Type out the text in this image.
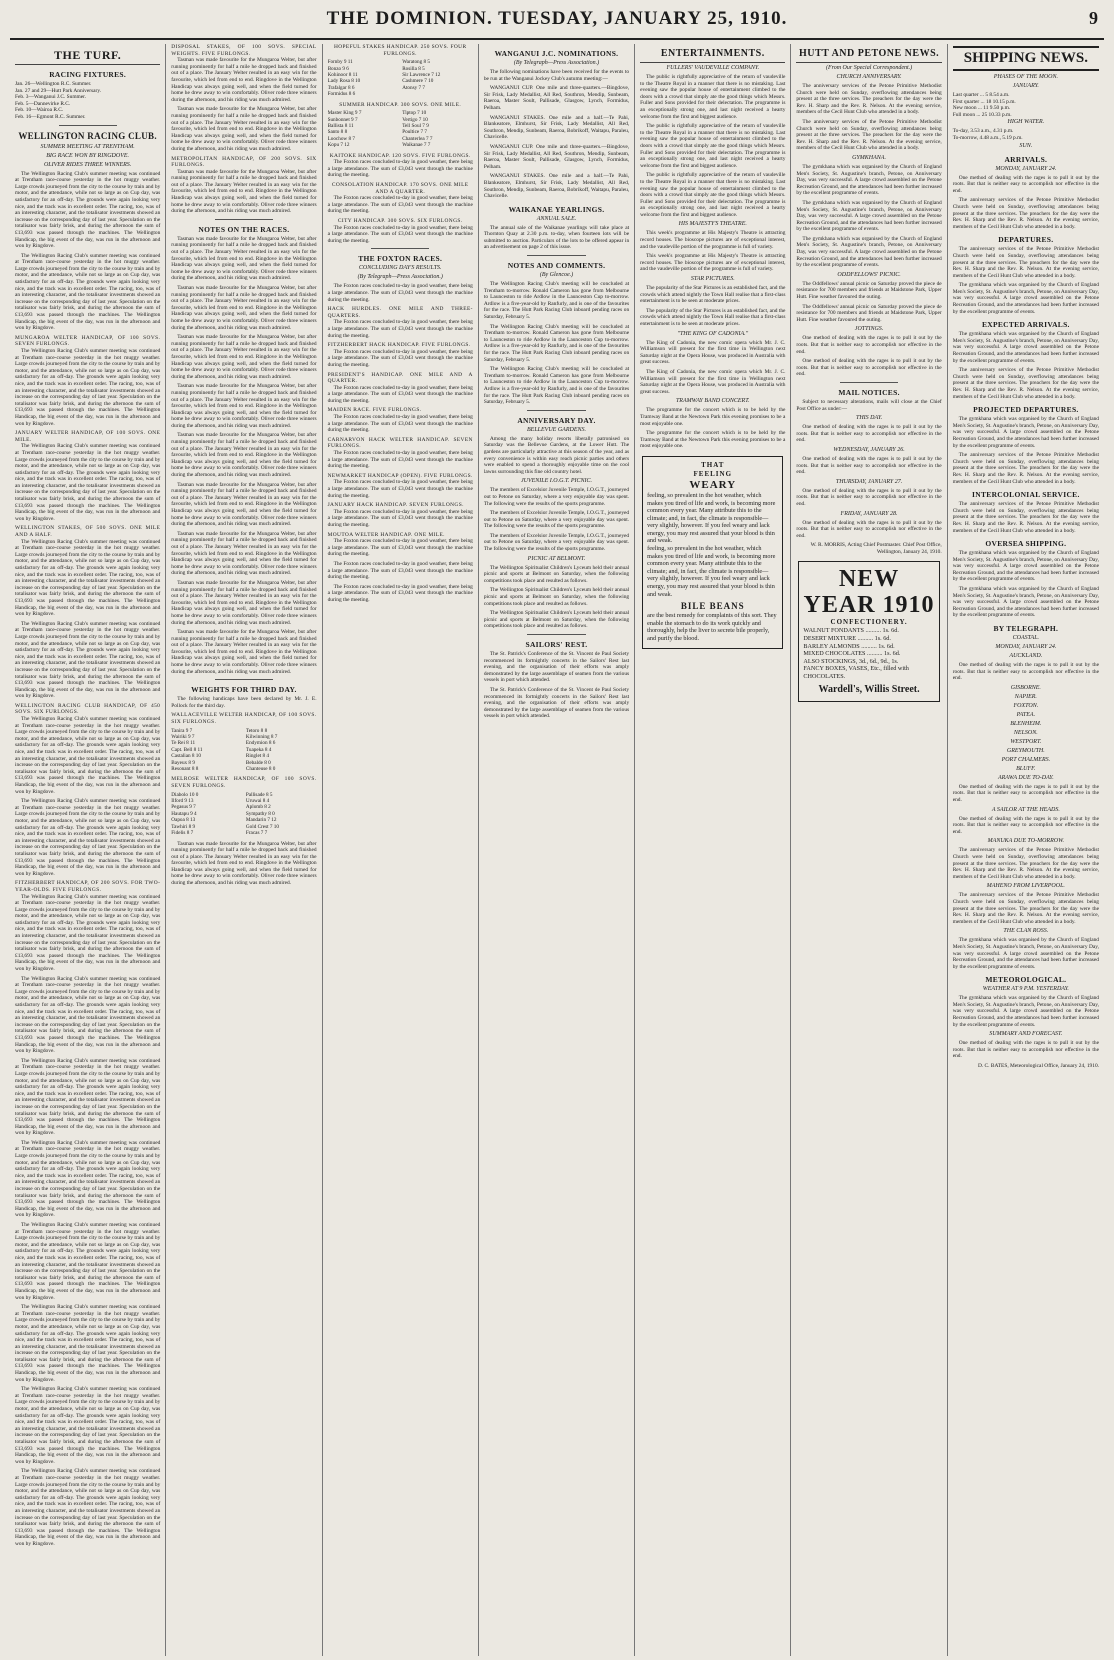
THE DOMINION. TUESDAY, JANUARY 25, 1910.	9
THE TURF.
RACING FIXTURES.
Jan. 26—Wellington R.C. Summer.
Jan. 27 and 29—Hutt Park Anniversary.
Feb. 3—Wanganui J.C. Summer.
Feb. 5—Dannevirke R.C.
Feb. 10—Wairoa R.C.
Feb. 16—Egmont R.C. Summer.
WELLINGTON RACING CLUB.
SUMMER MEETING AT TRENTHAM.
BIG RACE WON BY RINGDOVE.
OLIVER RIDES THREE WINNERS.

The Wellington Racing Club's summer meeting was continued at Trentham race-course yesterday in the hot muggy weather. Large crowds journeyed from the city to the course by train and by motor, and the attendance, while not so large as on Cup day, was satisfactory for an off-day. The grounds were again looking very nice, and the track was in excellent order. The racing, too, was of an interesting character, and the totalisator investments showed an increase on the corresponding day of last year. Speculation on the totalisator was fairly brisk, and during the afternoon the sum of £13,693 was passed through the machines. The Wellington Handicap, the big event of the day, was run in the afternoon and won by Ringdove.

The Wellington Racing Club's summer meeting was continued at Trentham race-course yesterday in the hot muggy weather. Large crowds journeyed from the city to the course by train and by motor, and the attendance, while not so large as on Cup day, was satisfactory for an off-day. The grounds were again looking very nice, and the track was in excellent order. The racing, too, was of an interesting character, and the totalisator investments showed an increase on the corresponding day of last year. Speculation on the totalisator was fairly brisk, and during the afternoon the sum of £13,693 was passed through the machines. The Wellington Handicap, the big event of the day, was run in the afternoon and won by Ringdove.

MUNGAROA WELTER HANDICAP, OF 100 SOVS. SEVEN FURLONGS.

The Wellington Racing Club's summer meeting was continued at Trentham race-course yesterday in the hot muggy weather. Large crowds journeyed from the city to the course by train and by motor, and the attendance, while not so large as on Cup day, was satisfactory for an off-day. The grounds were again looking very nice, and the track was in excellent order. The racing, too, was of an interesting character, and the totalisator investments showed an increase on the corresponding day of last year. Speculation on the totalisator was fairly brisk, and during the afternoon the sum of £13,693 was passed through the machines. The Wellington Handicap, the big event of the day, was run in the afternoon and won by Ringdove.

JANUARY WELTER HANDICAP, OF 100 SOVS. ONE MILE.

The Wellington Racing Club's summer meeting was continued at Trentham race-course yesterday in the hot muggy weather. Large crowds journeyed from the city to the course by train and by motor, and the attendance, while not so large as on Cup day, was satisfactory for an off-day. The grounds were again looking very nice, and the track was in excellent order. The racing, too, was of an interesting character, and the totalisator investments showed an increase on the corresponding day of last year. Speculation on the totalisator was fairly brisk, and during the afternoon the sum of £13,693 was passed through the machines. The Wellington Handicap, the big event of the day, was run in the afternoon and won by Ringdove.

WELLINGTON STAKES, OF 500 SOVS. ONE MILE AND A HALF.

The Wellington Racing Club's summer meeting was continued at Trentham race-course yesterday in the hot muggy weather. Large crowds journeyed from the city to the course by train and by motor, and the attendance, while not so large as on Cup day, was satisfactory for an off-day. The grounds were again looking very nice, and the track was in excellent order. The racing, too, was of an interesting character, and the totalisator investments showed an increase on the corresponding day of last year. Speculation on the totalisator was fairly brisk, and during the afternoon the sum of £13,693 was passed through the machines. The Wellington Handicap, the big event of the day, was run in the afternoon and won by Ringdove.

The Wellington Racing Club's summer meeting was continued at Trentham race-course yesterday in the hot muggy weather. Large crowds journeyed from the city to the course by train and by motor, and the attendance, while not so large as on Cup day, was satisfactory for an off-day. The grounds were again looking very nice, and the track was in excellent order. The racing, too, was of an interesting character, and the totalisator investments showed an increase on the corresponding day of last year. Speculation on the totalisator was fairly brisk, and during the afternoon the sum of £13,693 was passed through the machines. The Wellington Handicap, the big event of the day, was run in the afternoon and won by Ringdove.

WELLINGTON RACING CLUB HANDICAP, OF 450 SOVS. SIX FURLONGS.

The Wellington Racing Club's summer meeting was continued at Trentham race-course yesterday in the hot muggy weather. Large crowds journeyed from the city to the course by train and by motor, and the attendance, while not so large as on Cup day, was satisfactory for an off-day. The grounds were again looking very nice, and the track was in excellent order. The racing, too, was of an interesting character, and the totalisator investments showed an increase on the corresponding day of last year. Speculation on the totalisator was fairly brisk, and during the afternoon the sum of £13,693 was passed through the machines. The Wellington Handicap, the big event of the day, was run in the afternoon and won by Ringdove.

The Wellington Racing Club's summer meeting was continued at Trentham race-course yesterday in the hot muggy weather. Large crowds journeyed from the city to the course by train and by motor, and the attendance, while not so large as on Cup day, was satisfactory for an off-day. The grounds were again looking very nice, and the track was in excellent order. The racing, too, was of an interesting character, and the totalisator investments showed an increase on the corresponding day of last year. Speculation on the totalisator was fairly brisk, and during the afternoon the sum of £13,693 was passed through the machines. The Wellington Handicap, the big event of the day, was run in the afternoon and won by Ringdove.

FITZHERBERT HANDICAP, OF 200 SOVS. FOR TWO-YEAR-OLDS. FIVE FURLONGS.

The Wellington Racing Club's summer meeting was continued at Trentham race-course yesterday in the hot muggy weather. Large crowds journeyed from the city to the course by train and by motor, and the attendance, while not so large as on Cup day, was satisfactory for an off-day. The grounds were again looking very nice, and the track was in excellent order. The racing, too, was of an interesting character, and the totalisator investments showed an increase on the corresponding day of last year. Speculation on the totalisator was fairly brisk, and during the afternoon the sum of £13,693 was passed through the machines. The Wellington Handicap, the big event of the day, was run in the afternoon and won by Ringdove.

The Wellington Racing Club's summer meeting was continued at Trentham race-course yesterday in the hot muggy weather. Large crowds journeyed from the city to the course by train and by motor, and the attendance, while not so large as on Cup day, was satisfactory for an off-day. The grounds were again looking very nice, and the track was in excellent order. The racing, too, was of an interesting character, and the totalisator investments showed an increase on the corresponding day of last year. Speculation on the totalisator was fairly brisk, and during the afternoon the sum of £13,693 was passed through the machines. The Wellington Handicap, the big event of the day, was run in the afternoon and won by Ringdove.

The Wellington Racing Club's summer meeting was continued at Trentham race-course yesterday in the hot muggy weather. Large crowds journeyed from the city to the course by train and by motor, and the attendance, while not so large as on Cup day, was satisfactory for an off-day. The grounds were again looking very nice, and the track was in excellent order. The racing, too, was of an interesting character, and the totalisator investments showed an increase on the corresponding day of last year. Speculation on the totalisator was fairly brisk, and during the afternoon the sum of £13,693 was passed through the machines. The Wellington Handicap, the big event of the day, was run in the afternoon and won by Ringdove.

The Wellington Racing Club's summer meeting was continued at Trentham race-course yesterday in the hot muggy weather. Large crowds journeyed from the city to the course by train and by motor, and the attendance, while not so large as on Cup day, was satisfactory for an off-day. The grounds were again looking very nice, and the track was in excellent order. The racing, too, was of an interesting character, and the totalisator investments showed an increase on the corresponding day of last year. Speculation on the totalisator was fairly brisk, and during the afternoon the sum of £13,693 was passed through the machines. The Wellington Handicap, the big event of the day, was run in the afternoon and won by Ringdove.

The Wellington Racing Club's summer meeting was continued at Trentham race-course yesterday in the hot muggy weather. Large crowds journeyed from the city to the course by train and by motor, and the attendance, while not so large as on Cup day, was satisfactory for an off-day. The grounds were again looking very nice, and the track was in excellent order. The racing, too, was of an interesting character, and the totalisator investments showed an increase on the corresponding day of last year. Speculation on the totalisator was fairly brisk, and during the afternoon the sum of £13,693 was passed through the machines. The Wellington Handicap, the big event of the day, was run in the afternoon and won by Ringdove.

The Wellington Racing Club's summer meeting was continued at Trentham race-course yesterday in the hot muggy weather. Large crowds journeyed from the city to the course by train and by motor, and the attendance, while not so large as on Cup day, was satisfactory for an off-day. The grounds were again looking very nice, and the track was in excellent order. The racing, too, was of an interesting character, and the totalisator investments showed an increase on the corresponding day of last year. Speculation on the totalisator was fairly brisk, and during the afternoon the sum of £13,693 was passed through the machines. The Wellington Handicap, the big event of the day, was run in the afternoon and won by Ringdove.

The Wellington Racing Club's summer meeting was continued at Trentham race-course yesterday in the hot muggy weather. Large crowds journeyed from the city to the course by train and by motor, and the attendance, while not so large as on Cup day, was satisfactory for an off-day. The grounds were again looking very nice, and the track was in excellent order. The racing, too, was of an interesting character, and the totalisator investments showed an increase on the corresponding day of last year. Speculation on the totalisator was fairly brisk, and during the afternoon the sum of £13,693 was passed through the machines. The Wellington Handicap, the big event of the day, was run in the afternoon and won by Ringdove.

The Wellington Racing Club's summer meeting was continued at Trentham race-course yesterday in the hot muggy weather. Large crowds journeyed from the city to the course by train and by motor, and the attendance, while not so large as on Cup day, was satisfactory for an off-day. The grounds were again looking very nice, and the track was in excellent order. The racing, too, was of an interesting character, and the totalisator investments showed an increase on the corresponding day of last year. Speculation on the totalisator was fairly brisk, and during the afternoon the sum of £13,693 was passed through the machines. The Wellington Handicap, the big event of the day, was run in the afternoon and won by Ringdove.

DISPOSAL STAKES, OF 100 SOVS. SPECIAL WEIGHTS. FIVE FURLONGS.

Tasman was made favourite for the Mungaroa Welter, but after running prominently for half a mile he dropped back and finished out of a place. The January Welter resulted in an easy win for the favourite, which led from end to end. Ringdove in the Wellington Handicap was always going well, and when the field turned for home he drew away to win comfortably. Oliver rode three winners during the afternoon, and his riding was much admired.

Tasman was made favourite for the Mungaroa Welter, but after running prominently for half a mile he dropped back and finished out of a place. The January Welter resulted in an easy win for the favourite, which led from end to end. Ringdove in the Wellington Handicap was always going well, and when the field turned for home he drew away to win comfortably. Oliver rode three winners during the afternoon, and his riding was much admired.

METROPOLITAN HANDICAP, OF 200 SOVS. SIX FURLONGS.

Tasman was made favourite for the Mungaroa Welter, but after running prominently for half a mile he dropped back and finished out of a place. The January Welter resulted in an easy win for the favourite, which led from end to end. Ringdove in the Wellington Handicap was always going well, and when the field turned for home he drew away to win comfortably. Oliver rode three winners during the afternoon, and his riding was much admired.

NOTES ON THE RACES.

Tasman was made favourite for the Mungaroa Welter, but after running prominently for half a mile he dropped back and finished out of a place. The January Welter resulted in an easy win for the favourite, which led from end to end. Ringdove in the Wellington Handicap was always going well, and when the field turned for home he drew away to win comfortably. Oliver rode three winners during the afternoon, and his riding was much admired.

Tasman was made favourite for the Mungaroa Welter, but after running prominently for half a mile he dropped back and finished out of a place. The January Welter resulted in an easy win for the favourite, which led from end to end. Ringdove in the Wellington Handicap was always going well, and when the field turned for home he drew away to win comfortably. Oliver rode three winners during the afternoon, and his riding was much admired.

Tasman was made favourite for the Mungaroa Welter, but after running prominently for half a mile he dropped back and finished out of a place. The January Welter resulted in an easy win for the favourite, which led from end to end. Ringdove in the Wellington Handicap was always going well, and when the field turned for home he drew away to win comfortably. Oliver rode three winners during the afternoon, and his riding was much admired.

Tasman was made favourite for the Mungaroa Welter, but after running prominently for half a mile he dropped back and finished out of a place. The January Welter resulted in an easy win for the favourite, which led from end to end. Ringdove in the Wellington Handicap was always going well, and when the field turned for home he drew away to win comfortably. Oliver rode three winners during the afternoon, and his riding was much admired.

Tasman was made favourite for the Mungaroa Welter, but after running prominently for half a mile he dropped back and finished out of a place. The January Welter resulted in an easy win for the favourite, which led from end to end. Ringdove in the Wellington Handicap was always going well, and when the field turned for home he drew away to win comfortably. Oliver rode three winners during the afternoon, and his riding was much admired.

Tasman was made favourite for the Mungaroa Welter, but after running prominently for half a mile he dropped back and finished out of a place. The January Welter resulted in an easy win for the favourite, which led from end to end. Ringdove in the Wellington Handicap was always going well, and when the field turned for home he drew away to win comfortably. Oliver rode three winners during the afternoon, and his riding was much admired.

Tasman was made favourite for the Mungaroa Welter, but after running prominently for half a mile he dropped back and finished out of a place. The January Welter resulted in an easy win for the favourite, which led from end to end. Ringdove in the Wellington Handicap was always going well, and when the field turned for home he drew away to win comfortably. Oliver rode three winners during the afternoon, and his riding was much admired.

Tasman was made favourite for the Mungaroa Welter, but after running prominently for half a mile he dropped back and finished out of a place. The January Welter resulted in an easy win for the favourite, which led from end to end. Ringdove in the Wellington Handicap was always going well, and when the field turned for home he drew away to win comfortably. Oliver rode three winners during the afternoon, and his riding was much admired.

Tasman was made favourite for the Mungaroa Welter, but after running prominently for half a mile he dropped back and finished out of a place. The January Welter resulted in an easy win for the favourite, which led from end to end. Ringdove in the Wellington Handicap was always going well, and when the field turned for home he drew away to win comfortably. Oliver rode three winners during the afternoon, and his riding was much admired.

WEIGHTS FOR THIRD DAY.

The following handicaps have been declared by Mr. J. E. Pollock for the third day.

WALLACEVILLE WELTER HANDICAP, OF 100 SOVS. SIX FURLONGS.
Tanira 9 7	Tetoro 8 8
Wairiki 9 7	Kilwinning 8 7
Te Rei 8 11	Endymion 8 6
Capt. Bell 8 11	Tuapeka 8 4
Castalian 8 10	Ringlet 8 4
Bayeux 8 9	Bebalde 8 0
Resonant 8 8	Chanteuse 8 0
MELROSE WELTER HANDICAP, OF 100 SOVS. SEVEN FURLONGS.
Diabolo 10 0	Pallisade 8 5
Ilford 9 13	Uruwai 8 4
Pegasus 9 7	Aplomb 8 2
Hautapu 9 4	Sympathy 8 0
Oapoa 8 13	Mandarin 7 12
Tawhiri 8 9	Gold Crest 7 10
Fidelis 8 7	Fracas 7 7

Tasman was made favourite for the Mungaroa Welter, but after running prominently for half a mile he dropped back and finished out of a place. The January Welter resulted in an easy win for the favourite, which led from end to end. Ringdove in the Wellington Handicap was always going well, and when the field turned for home he drew away to win comfortably. Oliver rode three winners during the afternoon, and his riding was much admired.

HOPEFUL STAKES HANDICAP. 250 SOVS. FOUR FURLONGS.
Fornby 9 11	Waratong 8 5
Bonzo 9 6	Rosilla 8 5
Kohinoor 8 11	Sir Lawrence 7 12
Lady Rosa 8 10	Cashmere 7 10
Trafalgar 8 6	Atonsy 7 7
Formidus 8 6
SUMMER HANDICAP. 300 SOVS. ONE MILE.
Master King 9 7	Tiptop 7 10
Sunbonnet 9 7	Vertigo 7 10
Ballista 8 11	Tell Soul 7 9
Santo 8 8	Poultice 7 7
Loochow 8 7	Chanterlea 7 7
Kopu 7 12	Waikanae 7 7
KAITOKE HANDICAP. 120 SOVS. FIVE FURLONGS.

The Foxton races concluded to-day in good weather, there being a large attendance. The sum of £3,043 went through the machine during the meeting.

CONSOLATION HANDICAP. 170 SOVS. ONE MILE AND A QUARTER.

The Foxton races concluded to-day in good weather, there being a large attendance. The sum of £3,043 went through the machine during the meeting.

CITY HANDICAP. 300 SOVS. SIX FURLONGS.

The Foxton races concluded to-day in good weather, there being a large attendance. The sum of £3,043 went through the machine during the meeting.

THE FOXTON RACES.
CONCLUDING DAY'S RESULTS.
(By Telegraph—Press Association.)

The Foxton races concluded to-day in good weather, there being a large attendance. The sum of £3,043 went through the machine during the meeting.

HACK HURDLES. ONE MILE AND THREE-QUARTERS.

The Foxton races concluded to-day in good weather, there being a large attendance. The sum of £3,043 went through the machine during the meeting.

FITZHERBERT HACK HANDICAP. FIVE FURLONGS.

The Foxton races concluded to-day in good weather, there being a large attendance. The sum of £3,043 went through the machine during the meeting.

PRESIDENT'S HANDICAP. ONE MILE AND A QUARTER.

The Foxton races concluded to-day in good weather, there being a large attendance. The sum of £3,043 went through the machine during the meeting.

MAIDEN RACE. FIVE FURLONGS.

The Foxton races concluded to-day in good weather, there being a large attendance. The sum of £3,043 went through the machine during the meeting.

CARNARVON HACK WELTER HANDICAP. SEVEN FURLONGS.

The Foxton races concluded to-day in good weather, there being a large attendance. The sum of £3,043 went through the machine during the meeting.

NEWMARKET HANDICAP (OPEN). FIVE FURLONGS.

The Foxton races concluded to-day in good weather, there being a large attendance. The sum of £3,043 went through the machine during the meeting.

JANUARY HACK HANDICAP. SEVEN FURLONGS.

The Foxton races concluded to-day in good weather, there being a large attendance. The sum of £3,043 went through the machine during the meeting.

MOUTOA WELTER HANDICAP. ONE MILE.

The Foxton races concluded to-day in good weather, there being a large attendance. The sum of £3,043 went through the machine during the meeting.

The Foxton races concluded to-day in good weather, there being a large attendance. The sum of £3,043 went through the machine during the meeting.

The Foxton races concluded to-day in good weather, there being a large attendance. The sum of £3,043 went through the machine during the meeting.

WANGANUI J.C. NOMINATIONS.
(By Telegraph—Press Association.)

The following nominations have been received for the events to be run at the Wanganui Jockey Club's autumn meeting:—

WANGANUI CUP. One mile and three-quarters.—Bingdove, Sir Frisk, Lady Medallist, All Red, Southron, Mendip, Sunbeam, Raeroa, Master Soult, Pallisade, Glasgow, Lynch, Formidus, Pelham.

WANGANUI STAKES. One mile and a half.—Te Pahi, Blankeatore, Elmhurst, Sir Frisk, Lady Medallist, All Red, Southron, Mendip, Sunbeam, Raeroa, Bobrikoff, Waitapu, Paraleu, Chavicelle.

WANGANUI CUP. One mile and three-quarters.—Bingdove, Sir Frisk, Lady Medallist, All Red, Southron, Mendip, Sunbeam, Raeroa, Master Soult, Pallisade, Glasgow, Lynch, Formidus, Pelham.

WANGANUI STAKES. One mile and a half.—Te Pahi, Blankeatore, Elmhurst, Sir Frisk, Lady Medallist, All Red, Southron, Mendip, Sunbeam, Raeroa, Bobrikoff, Waitapu, Paraleu, Chavicelle.

WAIKANAE YEARLINGS.
ANNUAL SALE.

The annual sale of the Waikanae yearlings will take place at Thornton Quay at 2.30 p.m. to-day, when fourteen lots will be submitted to auction. Particulars of the lots to be offered appear in an advertisement on page 2 of this issue.

NOTES AND COMMENTS.
(By Glencoe.)

The Wellington Racing Club's meeting will be concluded at Trentham to-morrow. Ronald Cameron has gone from Melbourne to Launceston to ride Ardlow in the Launceston Cup to-morrow. Ardlow is a five-year-old by Ranfurly, and is one of the favourites for the race. The Hutt Park Racing Club inboard pending races on Saturday, February 5.

The Wellington Racing Club's meeting will be concluded at Trentham to-morrow. Ronald Cameron has gone from Melbourne to Launceston to ride Ardlow in the Launceston Cup to-morrow. Ardlow is a five-year-old by Ranfurly, and is one of the favourites for the race. The Hutt Park Racing Club inboard pending races on Saturday, February 5.

The Wellington Racing Club's meeting will be concluded at Trentham to-morrow. Ronald Cameron has gone from Melbourne to Launceston to ride Ardlow in the Launceston Cup to-morrow. Ardlow is a five-year-old by Ranfurly, and is one of the favourites for the race. The Hutt Park Racing Club inboard pending races on Saturday, February 5.

ANNIVERSARY DAY.
BELLEVUE GARDENS.

Among the many holiday resorts liberally patronised on Saturday was the Bellevue Gardens, at the Lower Hutt. The gardens are particularly attractive at this season of the year, and as every convenience is within easy reach picnic parties and others were enabled to spend a thoroughly enjoyable time on the cool lawns surrounding this fine old country hotel.

JUVENILE I.O.G.T. PICNIC.

The members of Excelsior Juvenile Temple, I.O.G.T., journeyed out to Petone on Saturday, where a very enjoyable day was spent. The following were the results of the sports programme.

The members of Excelsior Juvenile Temple, I.O.G.T., journeyed out to Petone on Saturday, where a very enjoyable day was spent. The following were the results of the sports programme.

The members of Excelsior Juvenile Temple, I.O.G.T., journeyed out to Petone on Saturday, where a very enjoyable day was spent. The following were the results of the sports programme.

PICNIC AT BELMONT.

The Wellington Spiritualist Children's Lyceum held their annual picnic and sports at Belmont on Saturday, when the following competitions took place and resulted as follows.

The Wellington Spiritualist Children's Lyceum held their annual picnic and sports at Belmont on Saturday, when the following competitions took place and resulted as follows.

The Wellington Spiritualist Children's Lyceum held their annual picnic and sports at Belmont on Saturday, when the following competitions took place and resulted as follows.

SAILORS' REST.

The St. Patrick's Conference of the St. Vincent de Paul Society recommenced its fortnightly concerts in the Sailors' Rest last evening, and the organisation of their efforts was amply demonstrated by the large assemblage of seamen from the various vessels in port which attended.

The St. Patrick's Conference of the St. Vincent de Paul Society recommenced its fortnightly concerts in the Sailors' Rest last evening, and the organisation of their efforts was amply demonstrated by the large assemblage of seamen from the various vessels in port which attended.

ENTERTAINMENTS.
FULLERS' VAUDEVILLE COMPANY.

The public is rightfully appreciative of the return of vaudeville to the Theatre Royal in a manner that there is no mistaking. Last evening saw the popular house of entertainment climbed to the doors with a crowd that simply ate the good things which Messrs. Fuller and Sons provided for their delectation. The programme is an exceptionally strong one, and last night received a hearty welcome from the first and biggest audience.

The public is rightfully appreciative of the return of vaudeville to the Theatre Royal in a manner that there is no mistaking. Last evening saw the popular house of entertainment climbed to the doors with a crowd that simply ate the good things which Messrs. Fuller and Sons provided for their delectation. The programme is an exceptionally strong one, and last night received a hearty welcome from the first and biggest audience.

The public is rightfully appreciative of the return of vaudeville to the Theatre Royal in a manner that there is no mistaking. Last evening saw the popular house of entertainment climbed to the doors with a crowd that simply ate the good things which Messrs. Fuller and Sons provided for their delectation. The programme is an exceptionally strong one, and last night received a hearty welcome from the first and biggest audience.

HIS MAJESTY'S THEATRE.

This week's programme at His Majesty's Theatre is attracting record houses. The bioscope pictures are of exceptional interest, and the vaudeville portion of the programme is full of variety.

This week's programme at His Majesty's Theatre is attracting record houses. The bioscope pictures are of exceptional interest, and the vaudeville portion of the programme is full of variety.

STAR PICTURES.

The popularity of the Star Pictures is an established fact, and the crowds which attend nightly the Town Hall realise that a first-class entertainment is to be seen at moderate prices.

The popularity of the Star Pictures is an established fact, and the crowds which attend nightly the Town Hall realise that a first-class entertainment is to be seen at moderate prices.

"THE KING OF CADONIA."

The King of Cadonia, the new comic opera which Mr. J. C. Williamson will present for the first time in Wellington next Saturday night at the Opera House, was produced in Australia with great success.

The King of Cadonia, the new comic opera which Mr. J. C. Williamson will present for the first time in Wellington next Saturday night at the Opera House, was produced in Australia with great success.

TRAMWAY BAND CONCERT.

The programme for the concert which is to be held by the Tramway Band at the Newtown Park this evening promises to be a most enjoyable one.

The programme for the concert which is to be held by the Tramway Band at the Newtown Park this evening promises to be a most enjoyable one.

THAT
FEELING
WEARY
feeling, so prevalent in the hot weather, which makes you tired of life and work, is becoming more common every year. Many attribute this to the climate; and, in fact, the climate is responsible—very slightly, however. If you feel weary and lack energy, you may rest assured that your blood is thin and weak.
feeling, so prevalent in the hot weather, which makes you tired of life and work, is becoming more common every year. Many attribute this to the climate; and, in fact, the climate is responsible—very slightly, however. If you feel weary and lack energy, you may rest assured that your blood is thin and weak.
BILE BEANS
are the best remedy for complaints of this sort. They enable the stomach to do its work quickly and thoroughly, help the liver to secrete bile properly, and purify the blood.
HUTT AND PETONE NEWS.
(From Our Special Correspondent.)
CHURCH ANNIVERSARY.

The anniversary services of the Petone Primitive Methodist Church were held on Sunday, overflowing attendances being present at the three services. The preachers for the day were the Rev. H. Sharp and the Rev. R. Nelson. At the evening service, members of the Cecil Hunt Club who attended in a body.

The anniversary services of the Petone Primitive Methodist Church were held on Sunday, overflowing attendances being present at the three services. The preachers for the day were the Rev. H. Sharp and the Rev. R. Nelson. At the evening service, members of the Cecil Hunt Club who attended in a body.

GYMKHANA.

The gymkhana which was organised by the Church of England Men's Society, St. Augustine's branch, Petone, on Anniversary Day, was very successful. A large crowd assembled on the Petone Recreation Ground, and the attendances had been further increased by the excellent programme of events.

The gymkhana which was organised by the Church of England Men's Society, St. Augustine's branch, Petone, on Anniversary Day, was very successful. A large crowd assembled on the Petone Recreation Ground, and the attendances had been further increased by the excellent programme of events.

The gymkhana which was organised by the Church of England Men's Society, St. Augustine's branch, Petone, on Anniversary Day, was very successful. A large crowd assembled on the Petone Recreation Ground, and the attendances had been further increased by the excellent programme of events.

ODDFELLOWS' PICNIC.

The Oddfellows' annual picnic on Saturday proved the piece de resistance for 700 members and friends at Maidstone Park, Upper Hutt. Fine weather favoured the outing.

The Oddfellows' annual picnic on Saturday proved the piece de resistance for 700 members and friends at Maidstone Park, Upper Hutt. Fine weather favoured the outing.

JOTTINGS.

One method of dealing with the rages is to pull it out by the roots. But that is neither easy to accomplish nor effective in the end.

One method of dealing with the rages is to pull it out by the roots. But that is neither easy to accomplish nor effective in the end.

MAIL NOTICES.

Subject to necessary alterations, mails will close at the Chief Post Office as under:—

THIS DAY.

One method of dealing with the rages is to pull it out by the roots. But that is neither easy to accomplish nor effective in the end.

WEDNESDAY, JANUARY 26.

One method of dealing with the rages is to pull it out by the roots. But that is neither easy to accomplish nor effective in the end.

THURSDAY, JANUARY 27.

One method of dealing with the rages is to pull it out by the roots. But that is neither easy to accomplish nor effective in the end.

FRIDAY, JANUARY 28.

One method of dealing with the rages is to pull it out by the roots. But that is neither easy to accomplish nor effective in the end.

W. R. MORRIS, Acting Chief Postmaster. Chief Post Office, Wellington, January 24, 1910.

NEW YEAR 1910
CONFECTIONERY.
WALNUT FONDANTS .......... 1s. 6d.
DESERT MIXTURE .......... 1s. 6d.
BARLEY ALMONDS .......... 1s. 6d.
MIXED CHOCOLATES .......... 1s. 6d.
ALSO STOCKINGS, 3d., 6d., 9d., 1s.
FANCY BOXES, VASES, Etc., filled with CHOCOLATES.
Wardell's, Willis Street.
SHIPPING NEWS.
PHASES OF THE MOON.
JANUARY.
Last quarter ... 5 8.54 a.m.
First quarter ... 18 10.15 p.m.
New moon ... 11 9.50 p.m.
Full moon ... 25 10.33 p.m.
HIGH WATER.
To-day, 3.53 a.m., 4.31 p.m.
To-morrow, 4.48 a.m., 5.19 p.m.
SUN.
ARRIVALS.
MONDAY, JANUARY 24.

One method of dealing with the rages is to pull it out by the roots. But that is neither easy to accomplish nor effective in the end.

The anniversary services of the Petone Primitive Methodist Church were held on Sunday, overflowing attendances being present at the three services. The preachers for the day were the Rev. H. Sharp and the Rev. R. Nelson. At the evening service, members of the Cecil Hunt Club who attended in a body.

DEPARTURES.

The anniversary services of the Petone Primitive Methodist Church were held on Sunday, overflowing attendances being present at the three services. The preachers for the day were the Rev. H. Sharp and the Rev. R. Nelson. At the evening service, members of the Cecil Hunt Club who attended in a body.

The gymkhana which was organised by the Church of England Men's Society, St. Augustine's branch, Petone, on Anniversary Day, was very successful. A large crowd assembled on the Petone Recreation Ground, and the attendances had been further increased by the excellent programme of events.

EXPECTED ARRIVALS.

The gymkhana which was organised by the Church of England Men's Society, St. Augustine's branch, Petone, on Anniversary Day, was very successful. A large crowd assembled on the Petone Recreation Ground, and the attendances had been further increased by the excellent programme of events.

The anniversary services of the Petone Primitive Methodist Church were held on Sunday, overflowing attendances being present at the three services. The preachers for the day were the Rev. H. Sharp and the Rev. R. Nelson. At the evening service, members of the Cecil Hunt Club who attended in a body.

PROJECTED DEPARTURES.

The gymkhana which was organised by the Church of England Men's Society, St. Augustine's branch, Petone, on Anniversary Day, was very successful. A large crowd assembled on the Petone Recreation Ground, and the attendances had been further increased by the excellent programme of events.

The anniversary services of the Petone Primitive Methodist Church were held on Sunday, overflowing attendances being present at the three services. The preachers for the day were the Rev. H. Sharp and the Rev. R. Nelson. At the evening service, members of the Cecil Hunt Club who attended in a body.

INTERCOLONIAL SERVICE.

The anniversary services of the Petone Primitive Methodist Church were held on Sunday, overflowing attendances being present at the three services. The preachers for the day were the Rev. H. Sharp and the Rev. R. Nelson. At the evening service, members of the Cecil Hunt Club who attended in a body.

OVERSEA SHIPPING.

The gymkhana which was organised by the Church of England Men's Society, St. Augustine's branch, Petone, on Anniversary Day, was very successful. A large crowd assembled on the Petone Recreation Ground, and the attendances had been further increased by the excellent programme of events.

The gymkhana which was organised by the Church of England Men's Society, St. Augustine's branch, Petone, on Anniversary Day, was very successful. A large crowd assembled on the Petone Recreation Ground, and the attendances had been further increased by the excellent programme of events.

BY TELEGRAPH.
COASTAL.
MONDAY, JANUARY 24.
AUCKLAND.

One method of dealing with the rages is to pull it out by the roots. But that is neither easy to accomplish nor effective in the end.

GISBORNE.
NAPIER.
FOXTON.
PATEA.
BLENHEIM.
NELSON.
WESTPORT.
GREYMOUTH.
PORT CHALMERS.
BLUFF.
ARAWA DUE TO-DAY.

One method of dealing with the rages is to pull it out by the roots. But that is neither easy to accomplish nor effective in the end.

A SAILOR AT THE HEADS.

One method of dealing with the rages is to pull it out by the roots. But that is neither easy to accomplish nor effective in the end.

MANUKA DUE TO-MORROW.

The anniversary services of the Petone Primitive Methodist Church were held on Sunday, overflowing attendances being present at the three services. The preachers for the day were the Rev. H. Sharp and the Rev. R. Nelson. At the evening service, members of the Cecil Hunt Club who attended in a body.

MAHENO FROM LIVERPOOL.

The anniversary services of the Petone Primitive Methodist Church were held on Sunday, overflowing attendances being present at the three services. The preachers for the day were the Rev. H. Sharp and the Rev. R. Nelson. At the evening service, members of the Cecil Hunt Club who attended in a body.

THE CLAN ROSS.

The gymkhana which was organised by the Church of England Men's Society, St. Augustine's branch, Petone, on Anniversary Day, was very successful. A large crowd assembled on the Petone Recreation Ground, and the attendances had been further increased by the excellent programme of events.

METEOROLOGICAL.
WEATHER AT 9 P.M. YESTERDAY.

The gymkhana which was organised by the Church of England Men's Society, St. Augustine's branch, Petone, on Anniversary Day, was very successful. A large crowd assembled on the Petone Recreation Ground, and the attendances had been further increased by the excellent programme of events.

SUMMARY AND FORECAST.

One method of dealing with the rages is to pull it out by the roots. But that is neither easy to accomplish nor effective in the end.

D. C. BATES, Meteorological Office, January 24, 1910.
